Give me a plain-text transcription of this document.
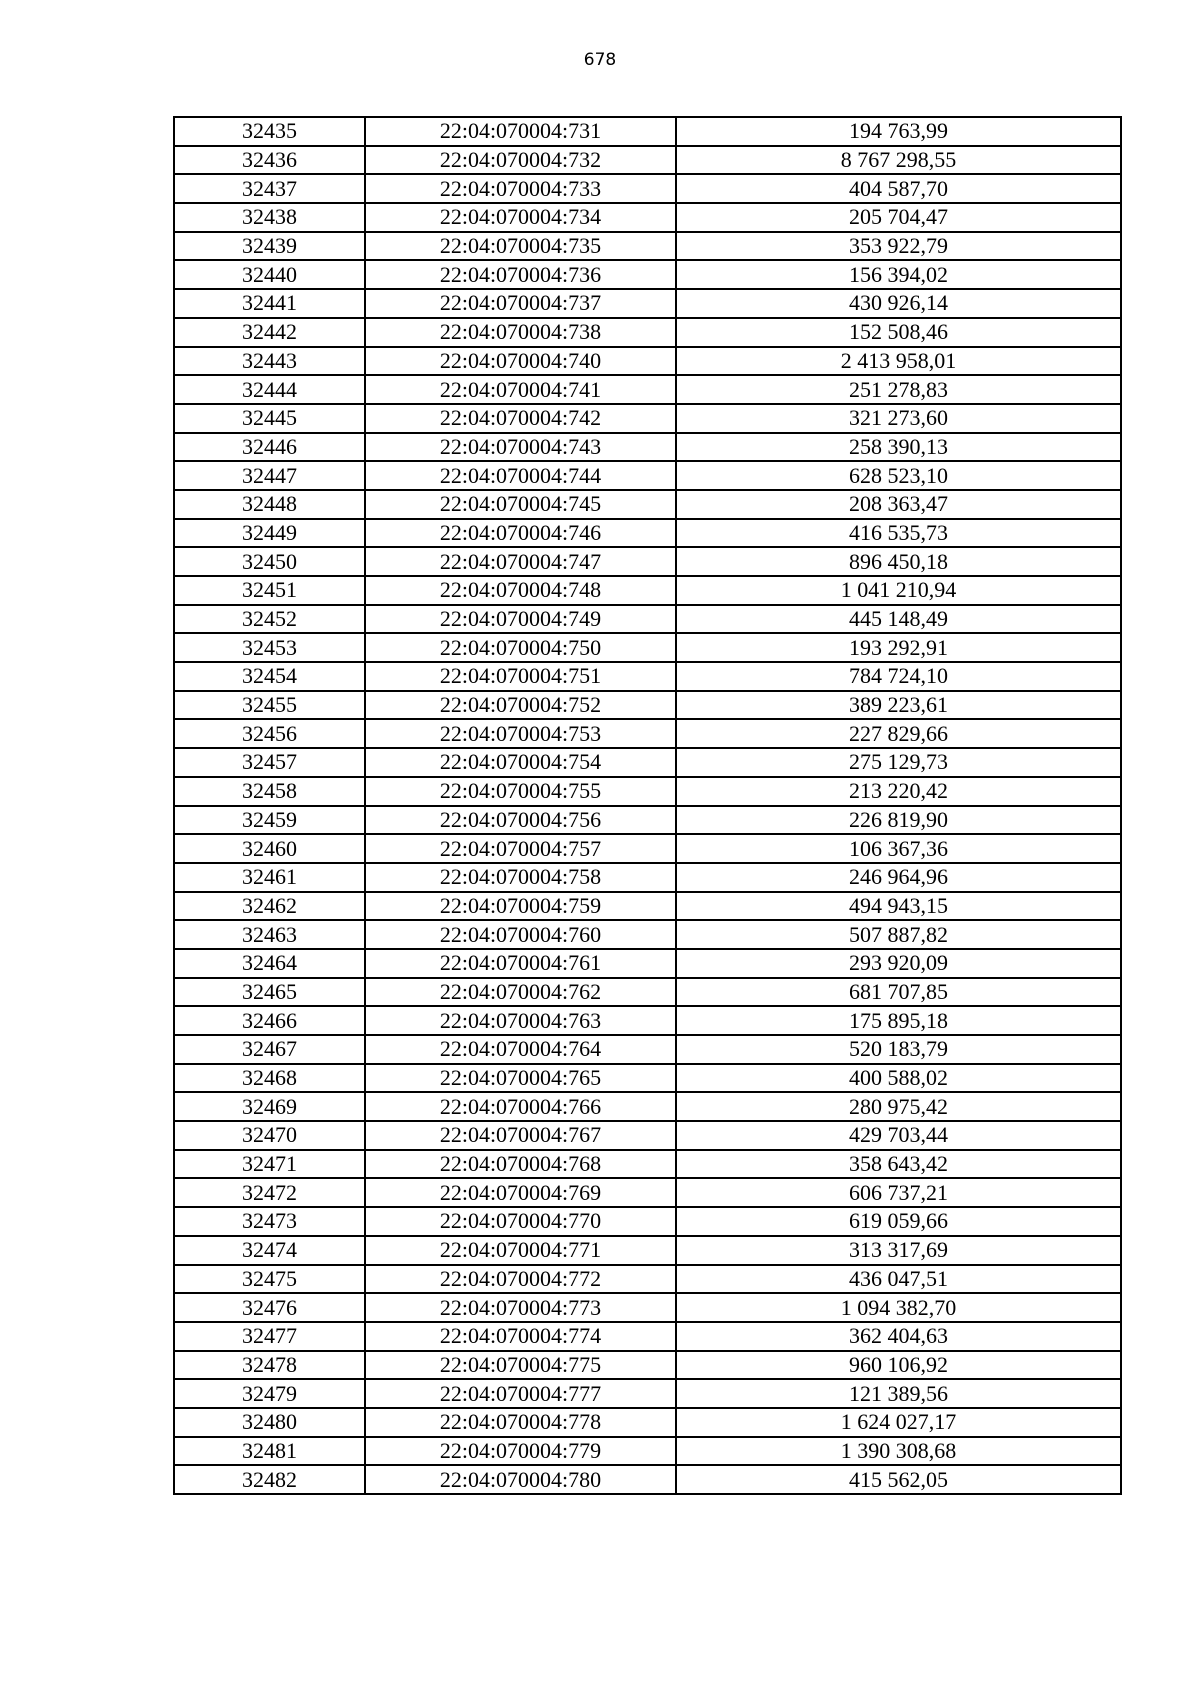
678
32435	22:04:070004:731	194 763,99
32436	22:04:070004:732	8 767 298,55
32437	22:04:070004:733	404 587,70
32438	22:04:070004:734	205 704,47
32439	22:04:070004:735	353 922,79
32440	22:04:070004:736	156 394,02
32441	22:04:070004:737	430 926,14
32442	22:04:070004:738	152 508,46
32443	22:04:070004:740	2 413 958,01
32444	22:04:070004:741	251 278,83
32445	22:04:070004:742	321 273,60
32446	22:04:070004:743	258 390,13
32447	22:04:070004:744	628 523,10
32448	22:04:070004:745	208 363,47
32449	22:04:070004:746	416 535,73
32450	22:04:070004:747	896 450,18
32451	22:04:070004:748	1 041 210,94
32452	22:04:070004:749	445 148,49
32453	22:04:070004:750	193 292,91
32454	22:04:070004:751	784 724,10
32455	22:04:070004:752	389 223,61
32456	22:04:070004:753	227 829,66
32457	22:04:070004:754	275 129,73
32458	22:04:070004:755	213 220,42
32459	22:04:070004:756	226 819,90
32460	22:04:070004:757	106 367,36
32461	22:04:070004:758	246 964,96
32462	22:04:070004:759	494 943,15
32463	22:04:070004:760	507 887,82
32464	22:04:070004:761	293 920,09
32465	22:04:070004:762	681 707,85
32466	22:04:070004:763	175 895,18
32467	22:04:070004:764	520 183,79
32468	22:04:070004:765	400 588,02
32469	22:04:070004:766	280 975,42
32470	22:04:070004:767	429 703,44
32471	22:04:070004:768	358 643,42
32472	22:04:070004:769	606 737,21
32473	22:04:070004:770	619 059,66
32474	22:04:070004:771	313 317,69
32475	22:04:070004:772	436 047,51
32476	22:04:070004:773	1 094 382,70
32477	22:04:070004:774	362 404,63
32478	22:04:070004:775	960 106,92
32479	22:04:070004:777	121 389,56
32480	22:04:070004:778	1 624 027,17
32481	22:04:070004:779	1 390 308,68
32482	22:04:070004:780	415 562,05
